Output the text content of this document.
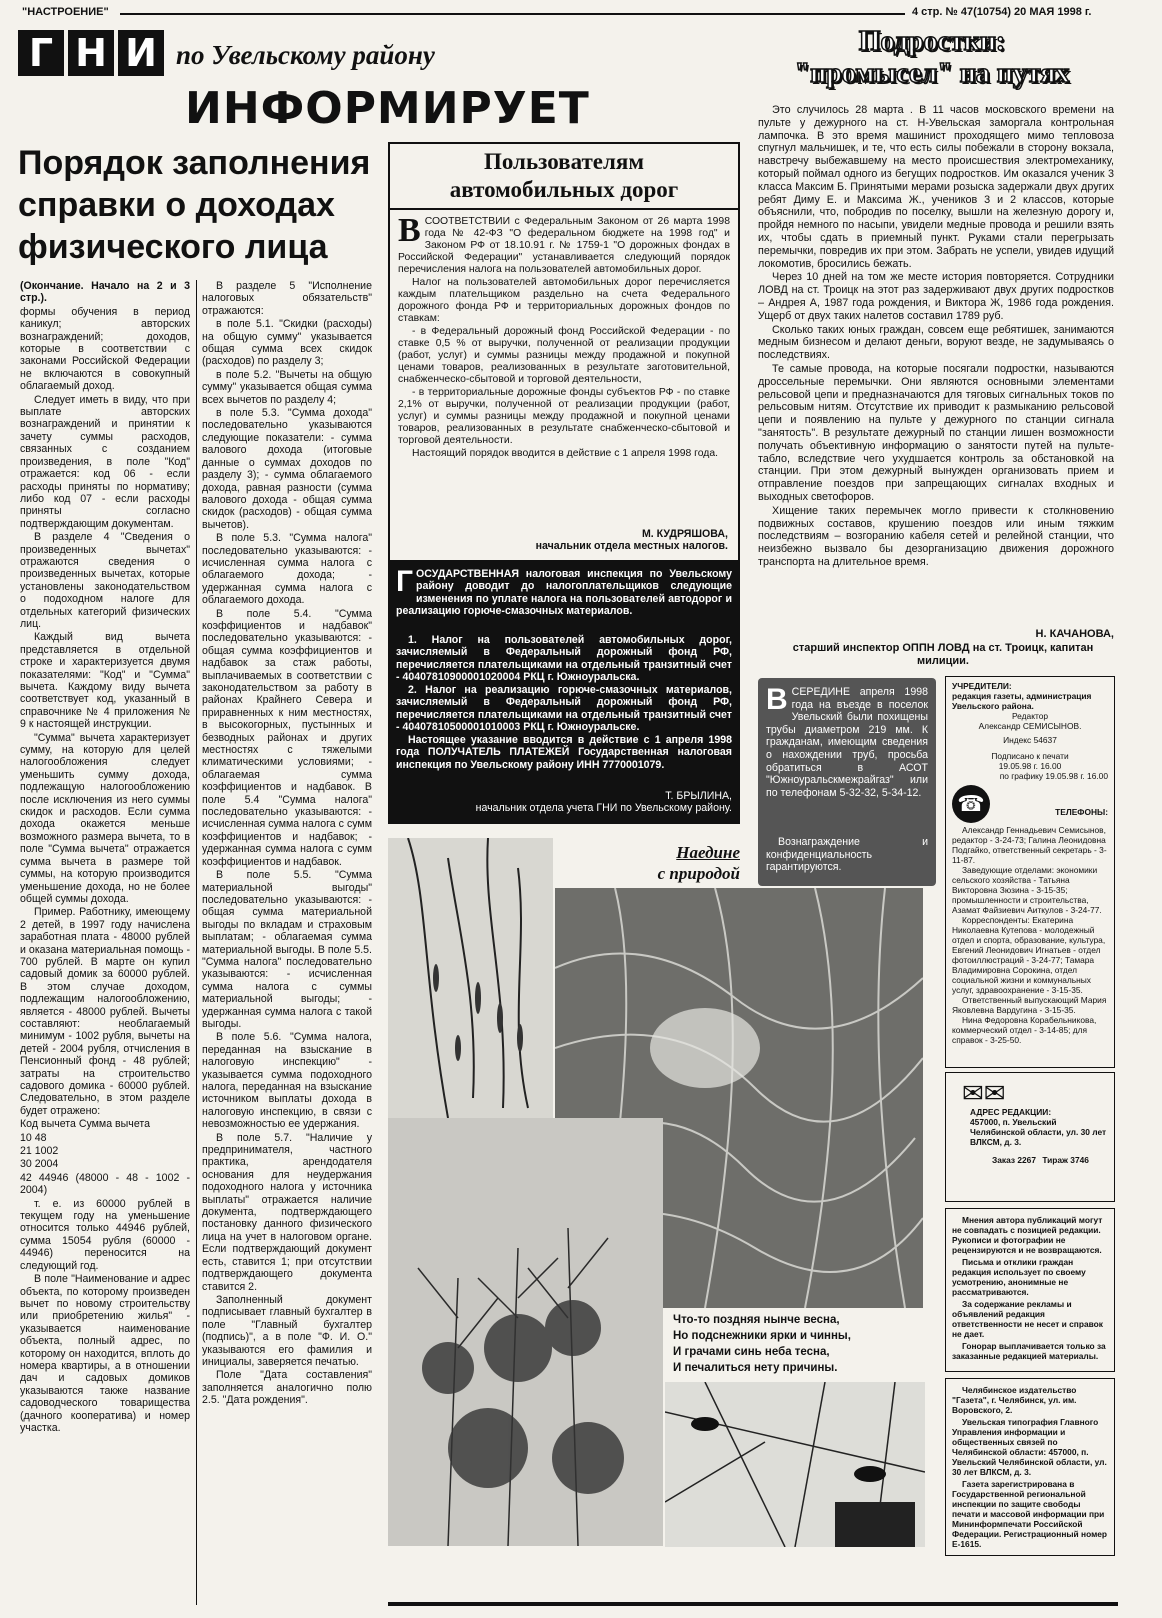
"НАСТРОЕНИЕ"	4 стр. № 47(10754) 20 МАЯ 1998 г.
Г Н И по Увельскому району
ИНФОРМИРУЕТ
Порядок заполнения
справки о доходах
физического лица

(Окончание. Начало на 2 и 3 стр.).

формы обучения в период каникул; авторских вознаграждений; доходов, которые в соответствии с законами Российской Федерации не включаются в совокупный облагаемый доход.

Следует иметь в виду, что при выплате авторских вознаграждений и принятии к зачету суммы расходов, связанных с созданием произведения, в поле "Код" отражается: код 06 - если расходы приняты по нормативу; либо код 07 - если расходы приняты согласно подтверждающим документам.

В разделе 4 "Сведения о произведенных вычетах" отражаются сведения о произведенных вычетах, которые установлены законодательством о подоходном налоге для отдельных категорий физических лиц.

Каждый вид вычета представляется в отдельной строке и характеризуется двумя показателями: "Код" и "Сумма" вычета. Каждому виду вычета соответствует код, указанный в справочнике № 4 приложения № 9 к настоящей инструкции.

"Сумма" вычета характеризует сумму, на которую для целей налогообложения следует уменьшить сумму дохода, подлежащую налогообложению после исключения из него суммы скидок и расходов. Если сумма дохода окажется меньше возможного размера вычета, то в поле "Сумма вычета" отражается сумма вычета в размере той суммы, на которую производится уменьшение дохода, но не более общей суммы дохода.

Пример. Работнику, имеющему 2 детей, в 1997 году начислена заработная плата - 48000 рублей и оказана материальная помощь - 700 рублей. В марте он купил садовый домик за 60000 рублей. В этом случае доходом, подлежащим налогообложению, является - 48000 рублей. Вычеты составляют: необлагаемый минимум - 1002 рубля, вычеты на детей - 2004 рубля, отчисления в Пенсионный фонд - 48 рублей; затраты на строительство садового домика - 60000 рублей. Следовательно, в этом разделе будет отражено:

Код вычета Сумма вычета

10 48

21 1002

30 2004

42 44946 (48000 - 48 - 1002 - 2004)

т. е. из 60000 рублей в текущем году на уменьшение относится только 44946 рублей, сумма 15054 рубля (60000 - 44946) переносится на следующий год.

В поле "Наименование и адрес объекта, по которому произведен вычет по новому строительству или приобретению жилья" - указывается наименование объекта, полный адрес, по которому он находится, вплоть до номера квартиры, а в отношении дач и садовых домиков указываются также название садоводческого товарищества (дачного кооператива) и номер участка.

В разделе 5 "Исполнение налоговых обязательств" отражаются:

в поле 5.1. "Скидки (расходы) на общую сумму" указывается общая сумма всех скидок (расходов) по разделу 3;

в поле 5.2. "Вычеты на общую сумму" указывается общая сумма всех вычетов по разделу 4;

в поле 5.3. "Сумма дохода" последовательно указываются следующие показатели: - сумма валового дохода (итоговые данные о суммах доходов по разделу 3); - сумма облагаемого дохода, равная разности (сумма валового дохода - общая сумма скидок (расходов) - общая сумма вычетов).

В поле 5.3. "Сумма налога" последовательно указываются: - исчисленная сумма налога с облагаемого дохода; - удержанная сумма налога с облагаемого дохода.

В поле 5.4. "Сумма коэффициентов и надбавок" последовательно указываются: - общая сумма коэффициентов и надбавок за стаж работы, выплачиваемых в соответствии с законодательством за работу в районах Крайнего Севера и приравненных к ним местностях, в высокогорных, пустынных и безводных районах и других местностях с тяжелыми климатическими условиями; - облагаемая сумма коэффициентов и надбавок. В поле 5.4 "Сумма налога" последовательно указываются: - исчисленная сумма налога с сумм коэффициентов и надбавок; - удержанная сумма налога с сумм коэффициентов и надбавок.

В поле 5.5. "Сумма материальной выгоды" последовательно указываются: - общая сумма материальной выгоды по вкладам и страховым выплатам; - облагаемая сумма материальной выгоды. В поле 5.5. "Сумма налога" последовательно указываются: - исчисленная сумма налога с суммы материальной выгоды; - удержанная сумма налога с такой выгоды.

В поле 5.6. "Сумма налога, переданная на взыскание в налоговую инспекцию" - указывается сумма подоходного налога, переданная на взыскание источником выплаты дохода в налоговую инспекцию, в связи с невозможностью ее удержания.

В поле 5.7. "Наличие у предпринимателя, частного практика, арендодателя основания для неудержания подоходного налога у источника выплаты" отражается наличие документа, подтверждающего постановку данного физического лица на учет в налоговом органе. Если подтверждающий документ есть, ставится 1; при отсутствии подтверждающего документа ставится 2.

Заполненный документ подписывает главный бухгалтер в поле "Главный бухгалтер (подпись)", а в поле "Ф. И. О." указываются его фамилия и инициалы, заверяется печатью.

Поле "Дата составления" заполняется аналогично полю 2.5. "Дата рождения".

Пользователям
автомобильных дорог

ВСООТВЕТСТВИИ с Федеральным Законом от 26 марта 1998 года № 42-ФЗ "О федеральном бюджете на 1998 год" и Законом РФ от 18.10.91 г. № 1759-1 "О дорожных фондах в Российской Федерации" устанавливается следующий порядок перечисления налога на пользователей автомобильных дорог.

Налог на пользователей автомобильных дорог перечисляется каждым плательщиком раздельно на счета Федерального дорожного фонда РФ и территориальных дорожных фондов по ставкам:

- в Федеральный дорожный фонд Российской Федерации - по ставке 0,5 % от выручки, полученной от реализации продукции (работ, услуг) и суммы разницы между продажной и покупной ценами товаров, реализованных в результате заготовительной, снабженческо-сбытовой и торговой деятельности,

- в территориальные дорожные фонды субъектов РФ - по ставке 2,1% от выручки, полученной от реализации продукции (работ, услуг) и суммы разницы между продажной и покупной ценами товаров, реализованных в результате снабженческо-сбытовой и торговой деятельности.

Настоящий порядок вводится в действие с 1 апреля 1998 года.

М. КУДРЯШОВА,
начальник отдела местных налогов.
ГОСУДАРСТВЕННАЯ налоговая инспекция по Увельскому району доводит до налогоплательщиков следующие изменения по уплате налога на пользователей автодорог и реализацию горюче-смазочных материалов.
1. Налог на пользователей автомобильных дорог, зачисляемый в Федеральный дорожный фонд РФ, перечисляется плательщиками на отдельный транзитный счет - 40407810900001020004 РКЦ г. Южноуральска.
2. Налог на реализацию горюче-смазочных материалов, зачисляемый в Федеральный дорожный фонд РФ, перечисляется плательщиками на отдельный транзитный счет - 40407810500001010003 РКЦ г. Южноуральске.
Настоящее указание вводится в действие с 1 апреля 1998 года ПОЛУЧАТЕЛЬ ПЛАТЕЖЕЙ Государственная налоговая инспекция по Увельскому району ИНН 7770001079.
Т. БРЫЛИНА,
начальник отдела учета ГНИ по Увельскому району.
Наедине
с природой
Что-то поздняя нынче весна,
Но подснежники ярки и чинны,
И грачами синь неба тесна,
И печалиться нету причины.
Подростки:
"промысел" на путях

Это случилось 28 марта . В 11 часов московского времени на пульте у дежурного на ст. Н-Увельская заморгала контрольная лампочка. В это время машинист проходящего мимо тепловоза спугнул мальчишек, и те, что есть силы побежали в сторону вокзала, навстречу выбежавшему на место происшествия электромеханику, который поймал одного из бегущих подростков. Им оказался ученик 3 класса Максим Б. Принятыми мерами розыска задержали двух других ребят Диму Е. и Максима Ж., учеников 3 и 2 классов, которые объяснили, что, побродив по поселку, вышли на железную дорогу и, пройдя немного по насыпи, увидели медные провода и решили взять их, чтобы сдать в приемный пункт. Руками стали перегрызать перемычки, повредив их при этом. Забрать не успели, увидев идущий локомотив, бросились бежать.

Через 10 дней на том же месте история повторяется. Сотрудники ЛОВД на ст. Троицк на этот раз задерживают двух других подростков – Андрея А, 1987 года рождения, и Виктора Ж, 1986 года рождения. Ущерб от двух таких налетов составил 1789 руб.

Сколько таких юных граждан, совсем еще ребятишек, занимаются медным бизнесом и делают деньги, воруют везде, не задумываясь о последствиях.

Те самые провода, на которые посягали подростки, называются дроссельные перемычки. Они являются основными элементами рельсовой цепи и предназначаются для тяговых сигнальных токов по рельсовым нитям. Отсутствие их приводит к размыканию рельсовой цепи и появлению на пульте у дежурного по станции сигнала "занятость". В результате дежурный по станции лишен возможности получать объективную информацию о занятости путей на пульте-табло, вследствие чего ухудшается контроль за обстановкой на станции. При этом дежурный вынужден организовать прием и отправление поездов при запрещающих сигналах входных и выходных светофоров.

Хищение таких перемычек могло привести к столкновению подвижных составов, крушению поездов или иным тяжким последствиям – возгоранию кабеля сетей и релейной станции, что неизбежно вызвало бы дезорганизацию движения дорожного транспорта на длительное время.

Н. КАЧАНОВА,
старший инспектор ОППН ЛОВД на ст. Троицк, капитан милиции.
ВСЕРЕДИНЕ апреля 1998 года на въезде в поселок Увельский были похищены трубы диаметром 219 мм. К гражданам, имеющим сведения о нахождении труб, просьба обратиться в АСОТ "Южноуральскмежрайгаз" или по телефонам 5-32-32, 5-34-12.
Вознаграждение и конфиденциальность гарантируются.
УЧРЕДИТЕЛИ:
редакция газеты, администрация Увельского района.
Редактор
Александр СЕМИСЫНОВ.
Индекс 54637
Подписано к печати
19.05.98 г. 16.00
по графику 19.05.98 г. 16.00
☎	ТЕЛЕФОНЫ:
Александр Геннадьевич Семисынов, редактор - 3-24-73; Галина Леонидовна Подгайко, ответственный секретарь - 3-11-87.
Заведующие отделами: экономики сельского хозяйства - Татьяна Викторовна Зюзина - 3-15-35; промышленности и строительства, Азамат Файзиевич Аиткулов - 3-24-77.
Корреспонденты: Екатерина Николаевна Кутепова - молодежный отдел и спорта, образование, культура, Евгений Леонидович Игнатьев - отдел фотоиллюстраций - 3-24-77; Тамара Владимировна Сорокина, отдел социальной жизни и коммунальных услуг, здравоохранение - 3-15-35.
Ответственный выпускающий Мария Яковлевна Вардугина - 3-15-35.
Нина Федоровна Корабельникова, коммерческий отдел - 3-14-85; для справок - 3-25-50.
✉✉
АДРЕС РЕДАКЦИИ:
457000, п. Увельский Челябинской области, ул. 30 лет ВЛКСМ, д. 3.
Заказ 2267 Тираж 3746
Мнения автора публикаций могут не совпадать с позицией редакции. Рукописи и фотографии не рецензируются и не возвращаются.
Письма и отклики граждан редакция использует по своему усмотрению, анонимные не рассматриваются.
За содержание рекламы и объявлений редакция ответственности не несет и справок не дает.
Гонорар выплачивается только за заказанные редакцией материалы.
Челябинское издательство "Газета", г. Челябинск, ул. им. Воровского, 2.
Увельская типография Главного Управления информации и общественных связей по Челябинской области: 457000, п. Увельский Челябинской области, ул. 30 лет ВЛКСМ, д. 3.
Газета зарегистрирована в Государственной региональной инспекции по защите свободы печати и массовой информации при Мининформпечати Российской Федерации. Регистрационный номер Е-1615.
